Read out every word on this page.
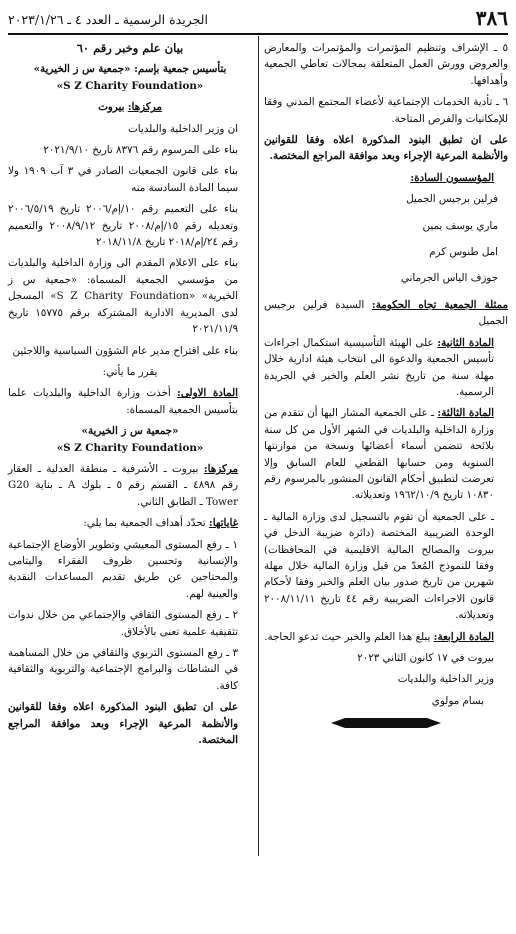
٣٨٦
الجريدة الرسمية ـ العدد ٤ ـ ٢٠٢٣/١/٢٦

٥ ـ الإشراف وتنظيم المؤتمرات والمؤتمرات والمعارض والعروض وورش العمل المتعلقة بمجالات تعاطي الجمعية وأهدافها.

٦ ـ تأدية الخدمات الإجتماعية لأعضاء المجتمع المدني وفقا للإمكانيات والفرص المتاحة.

على ان تطبق البنود المذكورة اعلاه وفقا للقوانين والأنظمة المرعية الإجراء وبعد موافقة المراجع المختصة.

المؤسسون السادة:

فرلين برجيس الجميل

ماري يوسف يمين

امل طنوس كرم

جوزف الياس الجرماني

ممثلة الجمعية تجاه الحكومة: السيدة فرلين برجيس الجميل

المادة الثانية: على الهيئة التأسيسية استكمال اجراءات تأسيس الجمعية والدعوة الى انتخاب هيئة ادارية خلال مهلة سنة من تاريخ نشر العلم والخبر في الجريدة الرسمية.

المادة الثالثة: ـ على الجمعية المشار اليها أن تتقدم من وزارة الداخلية والبلديات في الشهر الأول من كل سنة بلائحة تتضمن أسماء أعضائها ونسخة من موازنتها السنوية ومن حسابها القطعي للعام السابق وإلا تعرضت لتطبيق أحكام القانون المنشور بالمرسوم رقم ١٠٨٣٠ تاريخ ١٩٦٢/١٠/٩ وتعديلاته.

ـ على الجمعية أن تقوم بالتسجيل لدى وزارة المالية ـ الوحدة الضريبية المختصة (دائرة ضريبة الدخل في بيروت والمصالح المالية الاقليمية في المحافظات) وفقا للنموذج المُعدّ من قبل وزارة المالية خلال مهلة شهرين من تاريخ صدور بيان العلم والخبر وفقا لأحكام قانون الاجراءات الضريبية رقم ٤٤ تاريخ ٢٠٠٨/١١/١١ وتعديلاته.

المادة الرابعة: يبلغ هذا العلم والخبر حيث تدعو الحاجة.

بيروت في ١٧ كانون الثاني ٢٠٢٣

وزير الداخلية والبلديات

بسام مولوي

بيان علم وخبر رقم ٦٠

بتأسيس جمعية بإسم: «جمعية س ز الخيرية»

«S Z Charity Foundation»

مركزها: بيروت

ان وزير الداخلية والبلديات

بناء على المرسوم رقم ٨٣٧٦ تاريخ ٢٠٢١/٩/١٠

بناء على قانون الجمعيات الصادر في ٣ آب ١٩٠٩ ولا سيما المادة السادسة منه

بناء على التعميم رقم ١٠/إم/٢٠٠٦ تاريخ ٢٠٠٦/٥/١٩ وتعديله رقم ١٥/إم/٢٠٠٨ تاريخ ٢٠٠٨/٩/١٢ والتعميم رقم ٢٤/إم/٢٠١٨ تاريخ ٢٠١٨/١١/٨

بناء على الاعلام المقدم الى وزارة الداخلية والبلديات من مؤسسي الجمعية المسماة: «جمعية س ز الخيرية» «S Z Charity Foundation» المسجل لدى المديرية الادارية المشتركة برقم ١٥٧٧٥ تاريخ ٢٠٢١/١١/٩

بناء على اقتراح مدير عام الشؤون السياسية واللاجئين

يقرر ما يأتي:

المادة الاولى: أخذت وزارة الداخلية والبلديات علما بتأسيس الجمعية المسماة:

«جمعية س ز الخيرية»

«S Z Charity Foundation»

مركزها: بيروت ـ الأشرفية ـ منطقة العدلية ـ العقار رقم ٤٨٩٨ ـ القسم رقم ٥ ـ بلوك A ـ بناية G20 Tower ـ الطابق الثاني.

غاياتها: تحدّد أهداف الجمعية بما يلي:

١ ـ رفع المستوى المعيشي وتطوير الأوضاع الإجتماعية والإنسانية وتحسين ظروف الفقراء واليتامى والمحتاجين عن طريق تقديم المساعدات النقدية والعينية لهم.

٢ ـ رفع المستوى الثقافي والإجتماعي من خلال ندوات تثقيفية علمية تعنى بالأخلاق.

٣ ـ رفع المستوى التربوي والثقافي من خلال المساهمة في النشاطات والبرامج الإجتماعية والتربوية والثقافية كافة.

على ان تطبق البنود المذكورة اعلاه وفقا للقوانين والأنظمة المرعية الإجراء وبعد موافقة المراجع المختصة.
